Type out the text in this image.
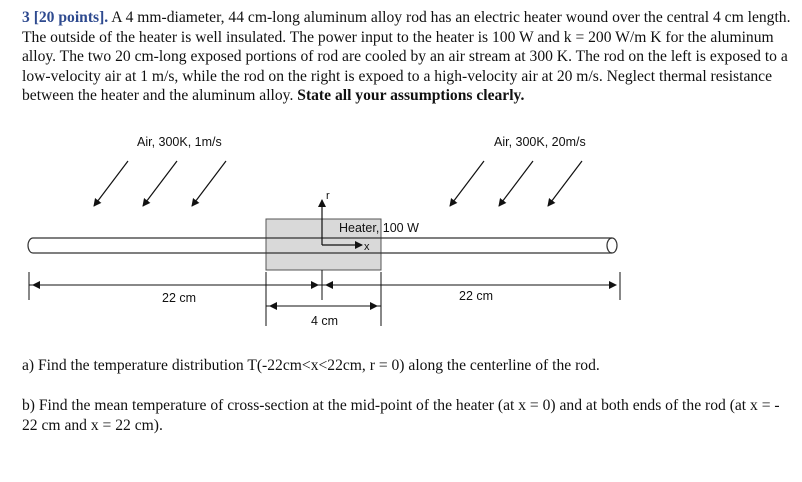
3 [20 points]. A 4 mm-diameter, 44 cm-long aluminum alloy rod has an electric heater wound over the central 4 cm length. The outside of the heater is well insulated. The power input to the heater is 100 W and k = 200 W/m K for the aluminum alloy. The two 20 cm-long exposed portions of rod are cooled by an air stream at 300 K. The rod on the left is exposed to a low-velocity air at 1 m/s, while the rod on the right is expoed to a high-velocity air at 20 m/s. Neglect thermal resistance between the heater and the aluminum alloy. State all your assumptions clearly.
Air, 300K, 1m/s	Air, 300K, 20m/s
Heater, 100 W
r
x
22 cm	22 cm
4 cm
a) Find the temperature distribution T(-22cm<x<22cm, r = 0) along the centerline of the rod.
b) Find the mean temperature of cross-section at the mid-point of the heater (at x = 0) and at both ends of the rod (at x = - 22 cm and x = 22 cm).
